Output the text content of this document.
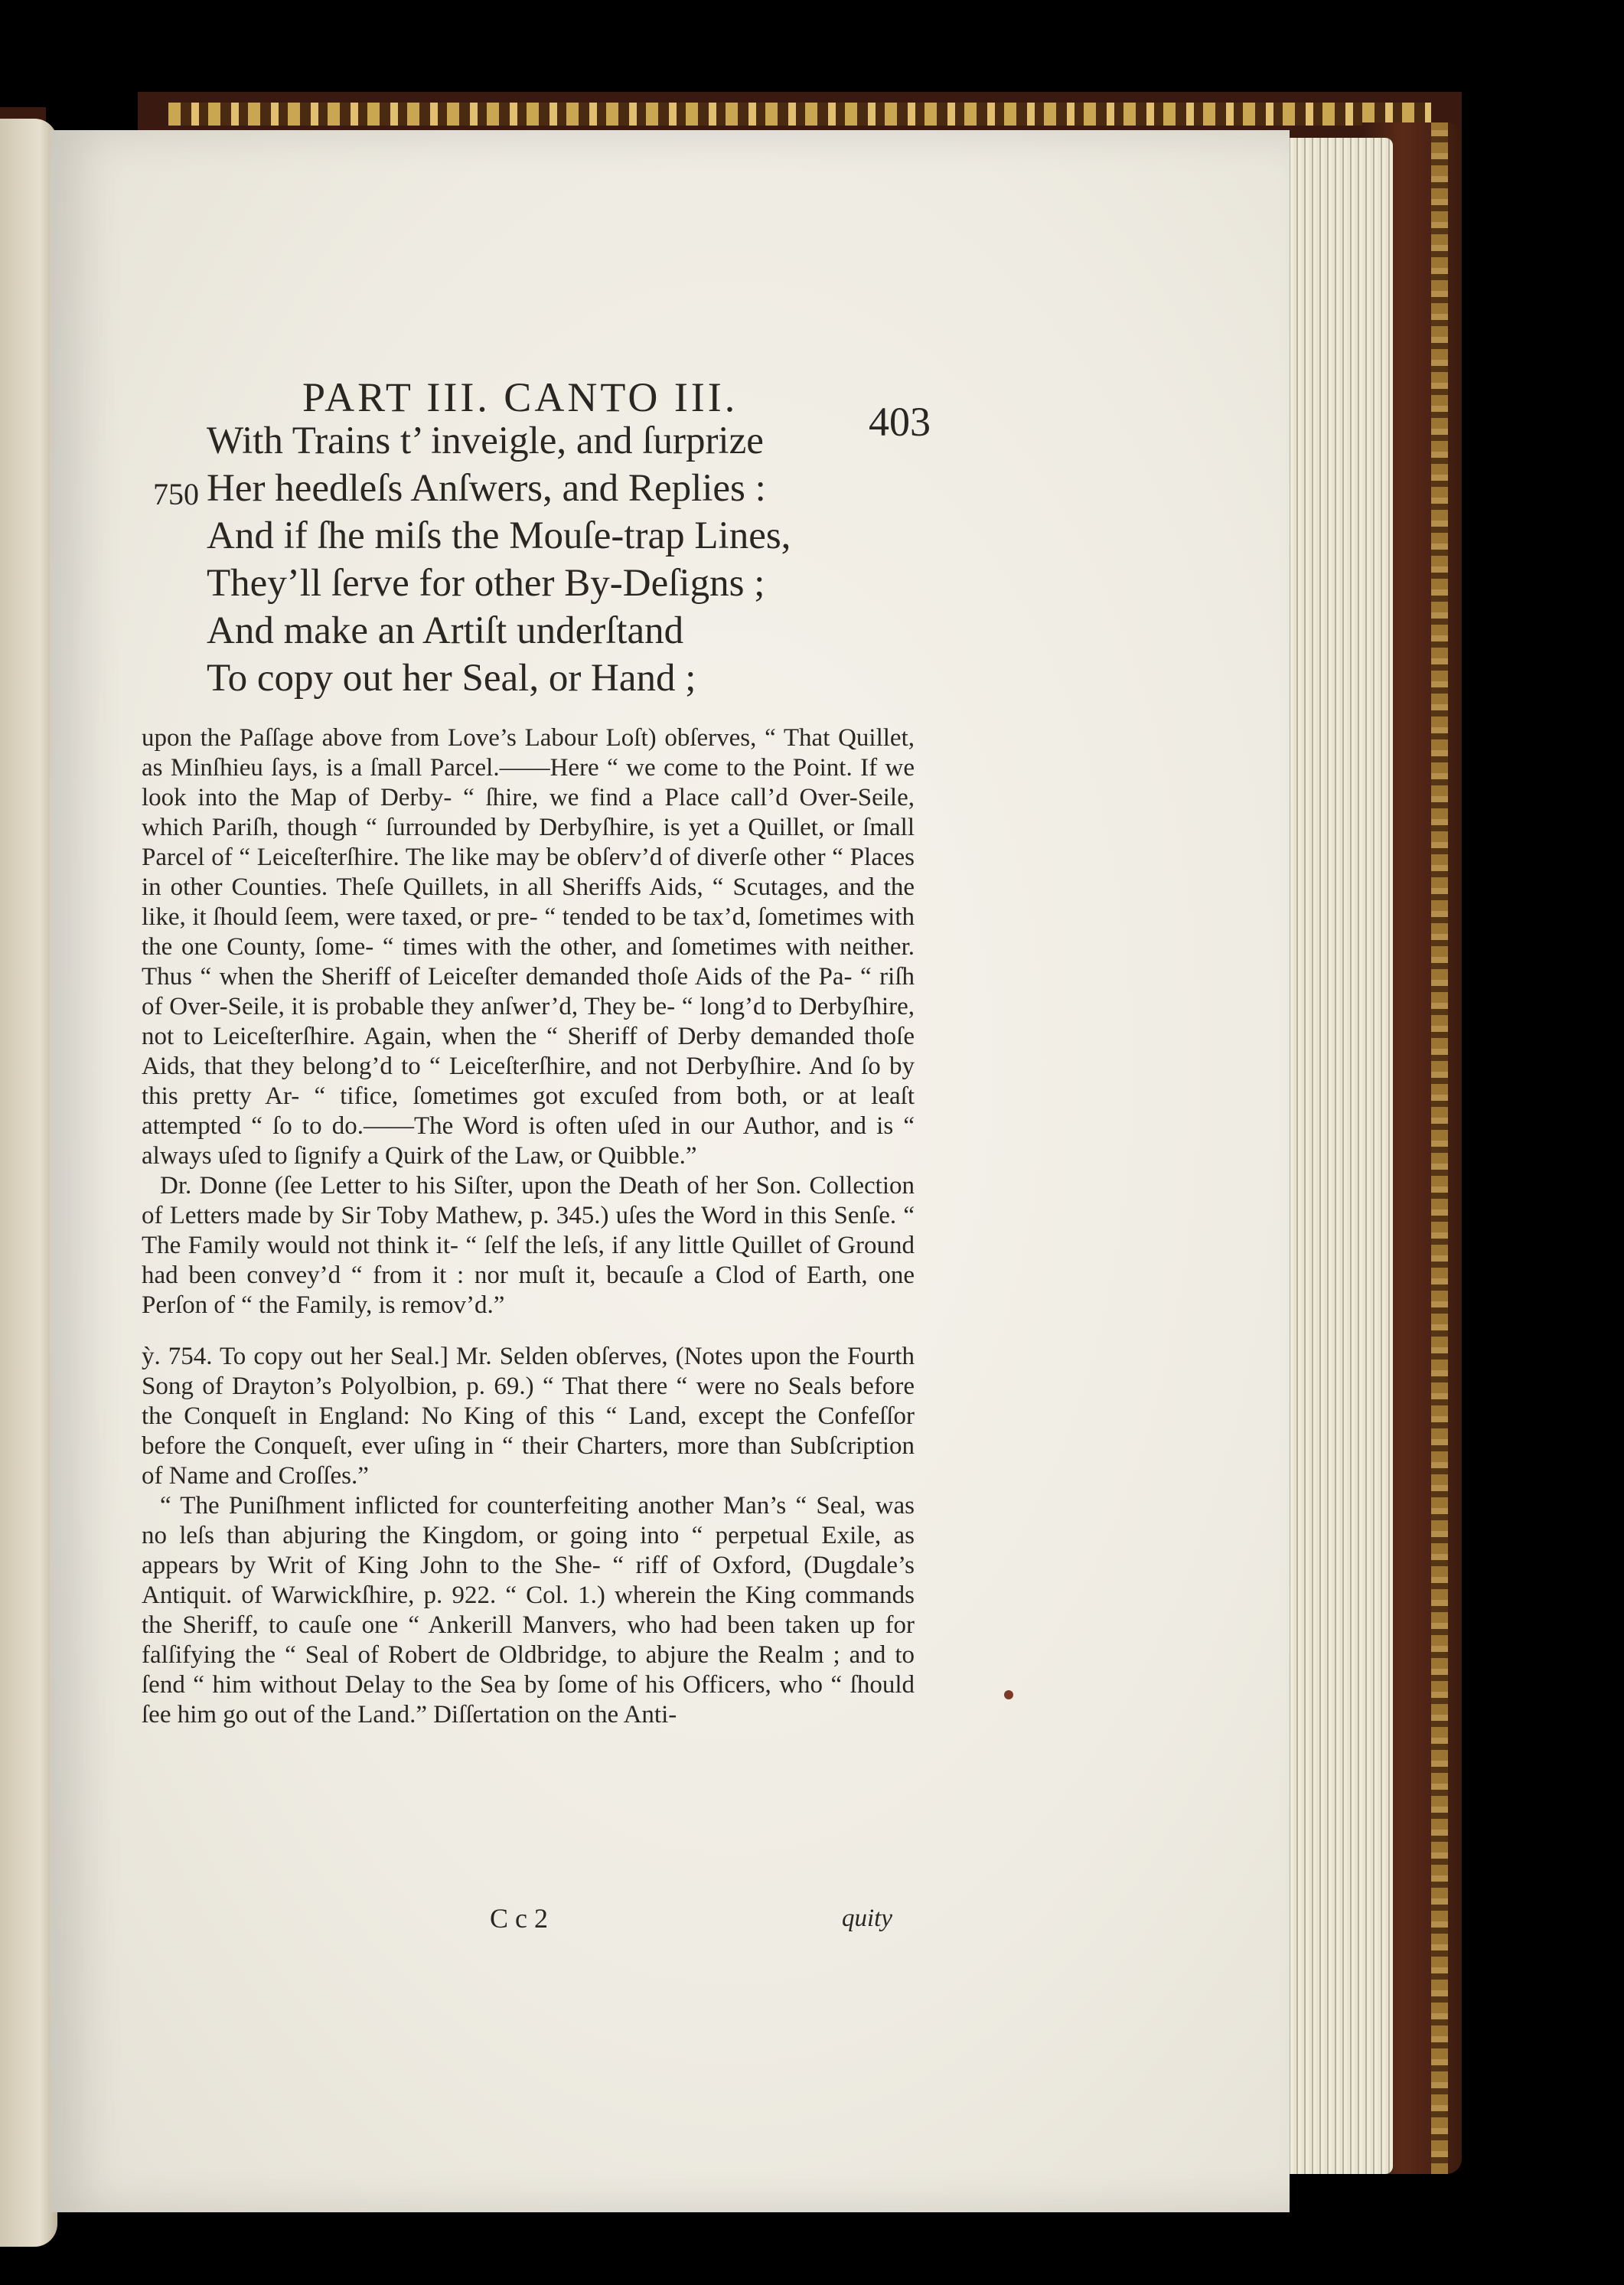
PART III. CANTO III.
403
With Trains t’ inveigle, and ſurprize
750 Her heedleſs Anſwers, and Replies :
And if ſhe miſs the Mouſe-trap Lines,
They’ll ſerve for other By-Deſigns ;
And make an Artiſt underſtand
To copy out her Seal, or Hand ;

upon the Paſſage above from Love’s Labour Loſt) obſerves, “ That Quillet, as Minſhieu ſays, is a ſmall Parcel.——Here “ we come to the Point. If we look into the Map of Derby- “ ſhire, we find a Place call’d Over-Seile, which Pariſh, though “ ſurrounded by Derbyſhire, is yet a Quillet, or ſmall Parcel of “ Leiceſterſhire. The like may be obſerv’d of diverſe other “ Places in other Counties. Theſe Quillets, in all Sheriffs Aids, “ Scutages, and the like, it ſhould ſeem, were taxed, or pre- “ tended to be tax’d, ſometimes with the one County, ſome- “ times with the other, and ſometimes with neither. Thus “ when the Sheriff of Leiceſter demanded thoſe Aids of the Pa- “ riſh of Over-Seile, it is probable they anſwer’d, They be- “ long’d to Derbyſhire, not to Leiceſterſhire. Again, when the “ Sheriff of Derby demanded thoſe Aids, that they belong’d to “ Leiceſterſhire, and not Derbyſhire. And ſo by this pretty Ar- “ tifice, ſometimes got excuſed from both, or at leaſt attempted “ ſo to do.——The Word is often uſed in our Author, and is “ always uſed to ſignify a Quirk of the Law, or Quibble.”

Dr. Donne (ſee Letter to his Siſter, upon the Death of her Son. Collection of Letters made by Sir Toby Mathew, p. 345.) uſes the Word in this Senſe. “ The Family would not think it- “ ſelf the leſs, if any little Quillet of Ground had been convey’d “ from it : nor muſt it, becauſe a Clod of Earth, one Perſon of “ the Family, is remov’d.”

ỳ. 754. To copy out her Seal.] Mr. Selden obſerves, (Notes upon the Fourth Song of Drayton’s Polyolbion, p. 69.) “ That there “ were no Seals before the Conqueſt in England: No King of this “ Land, except the Confeſſor before the Conqueſt, ever uſing in “ their Charters, more than Subſcription of Name and Croſſes.”

“ The Puniſhment inflicted for counterfeiting another Man’s “ Seal, was no leſs than abjuring the Kingdom, or going into “ perpetual Exile, as appears by Writ of King John to the She- “ riff of Oxford, (Dugdale’s Antiquit. of Warwickſhire, p. 922. “ Col. 1.) wherein the King commands the Sheriff, to cauſe one “ Ankerill Manvers, who had been taken up for falſifying the “ Seal of Robert de Oldbridge, to abjure the Realm ; and to ſend “ him without Delay to the Sea by ſome of his Officers, who “ ſhould ſee him go out of the Land.” Diſſertation on the Anti-

C c 2	quity
